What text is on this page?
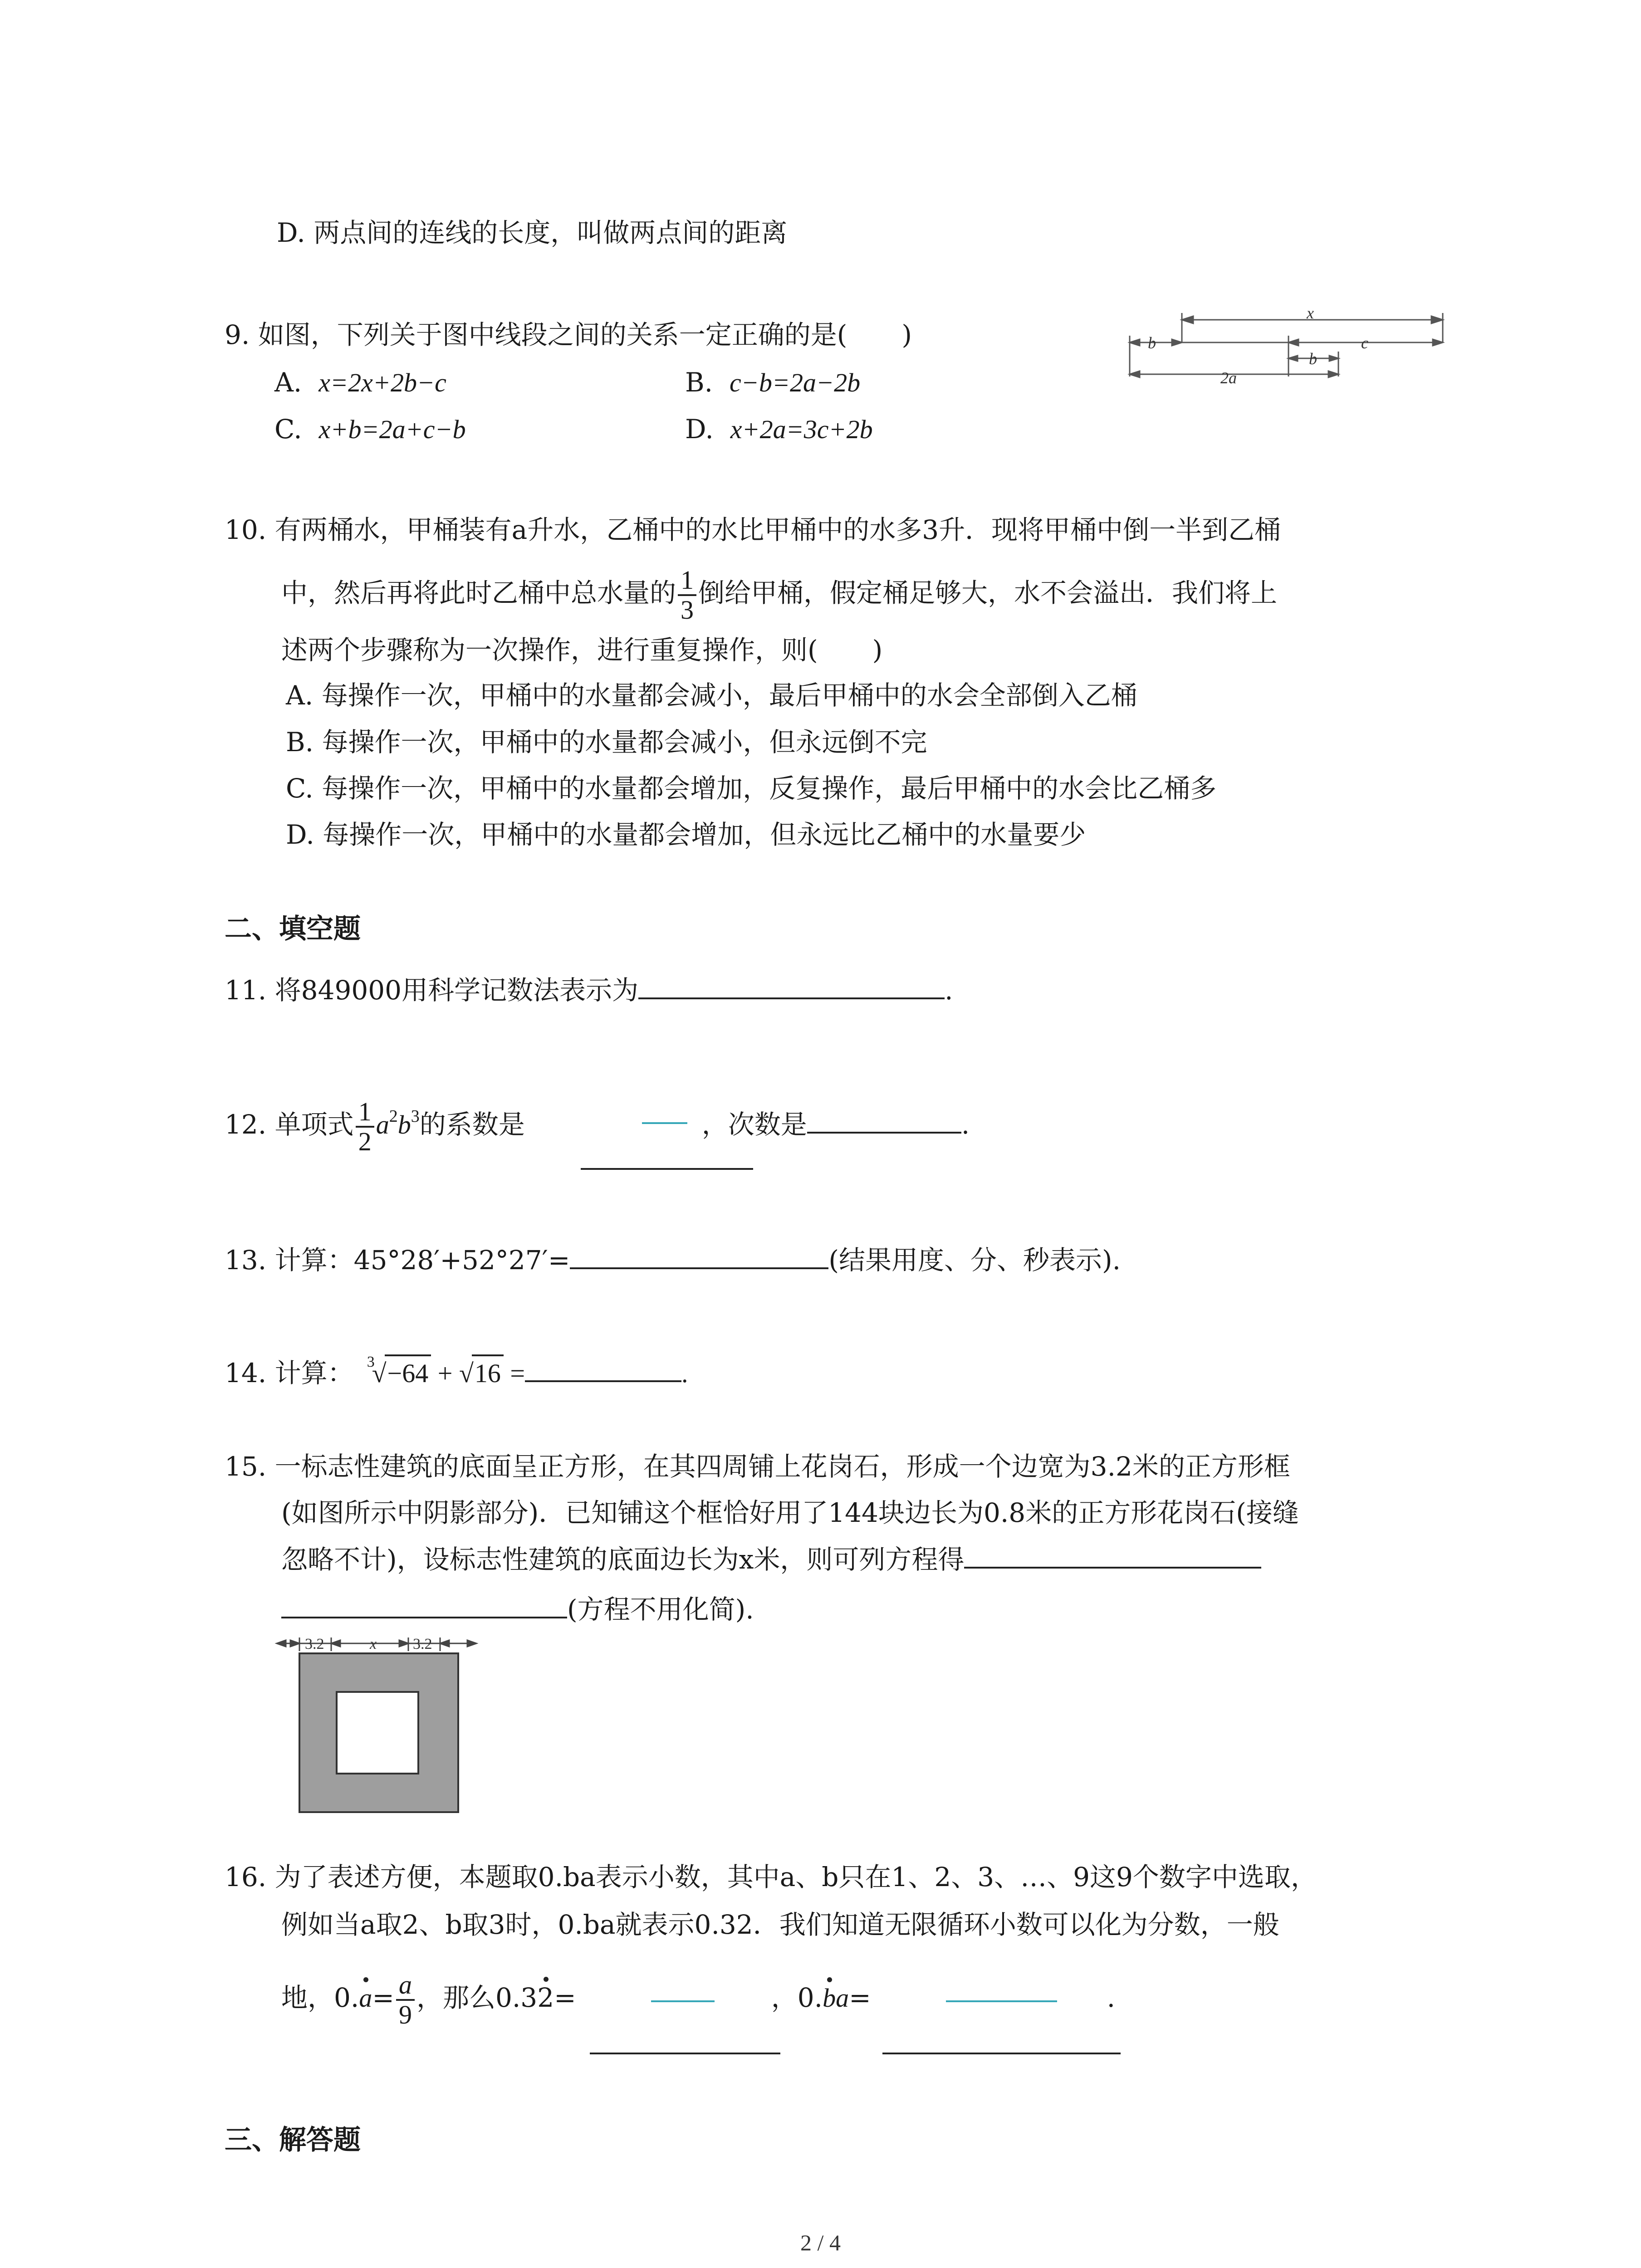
D. 两点间的连线的长度，叫做两点间的距离
9. 如图，下列关于图中线段之间的关系一定正确的是( )
A. x=2x+2b−c	B. c−b=2a−2b
C. x+b=2a+c−b	D. x+2a=3c+2b
b
x
c
b
2a
10. 有两桶水，甲桶装有a升水，乙桶中的水比甲桶中的水多3升．现将甲桶中倒一半到乙桶
中，然后再将此时乙桶中总水量的 $\frac{1}{3}$ 倒给甲桶，假定桶足够大，水不会溢出．我们将上
述两个步骤称为一次操作，进行重复操作，则( )
A. 每操作一次，甲桶中的水量都会减小，最后甲桶中的水会全部倒入乙桶
B. 每操作一次，甲桶中的水量都会减小，但永远倒不完
C. 每操作一次，甲桶中的水量都会增加，反复操作，最后甲桶中的水会比乙桶多
D. 每操作一次，甲桶中的水量都会增加，但永远比乙桶中的水量要少
二、填空题
11. 将849000用科学记数法表示为	.
12. 单项式 $\frac{1}{2} a^2b^3$的系数是	，次数是	.
13. 计算：45°28′+52°27′=	(结果用度、分、秒表示).
14. 计算： $^3$√−64 + √16 =	.
15. 一标志性建筑的底面呈正方形，在其四周铺上花岗石，形成一个边宽为3.2米的正方形框
(如图所示中阴影部分)．已知铺这个框恰好用了144块边长为0.8米的正方形花岗石(接缝
忽略不计)，设标志性建筑的底面边长为x米，则可列方程得
(方程不用化简).
3.2	x 3.2
16. 为了表述方便，本题取0.ba表示小数，其中a、b只在1、2、3、…、9这9个数字中选取，
例如当a取2、b取3时，0.ba就表示0.32．我们知道无限循环小数可以化为分数，一般
地，$0.a= \frac{a}{9}$ ，那么0.32=	，0.ba=	.
三、解答题
2 / 4
